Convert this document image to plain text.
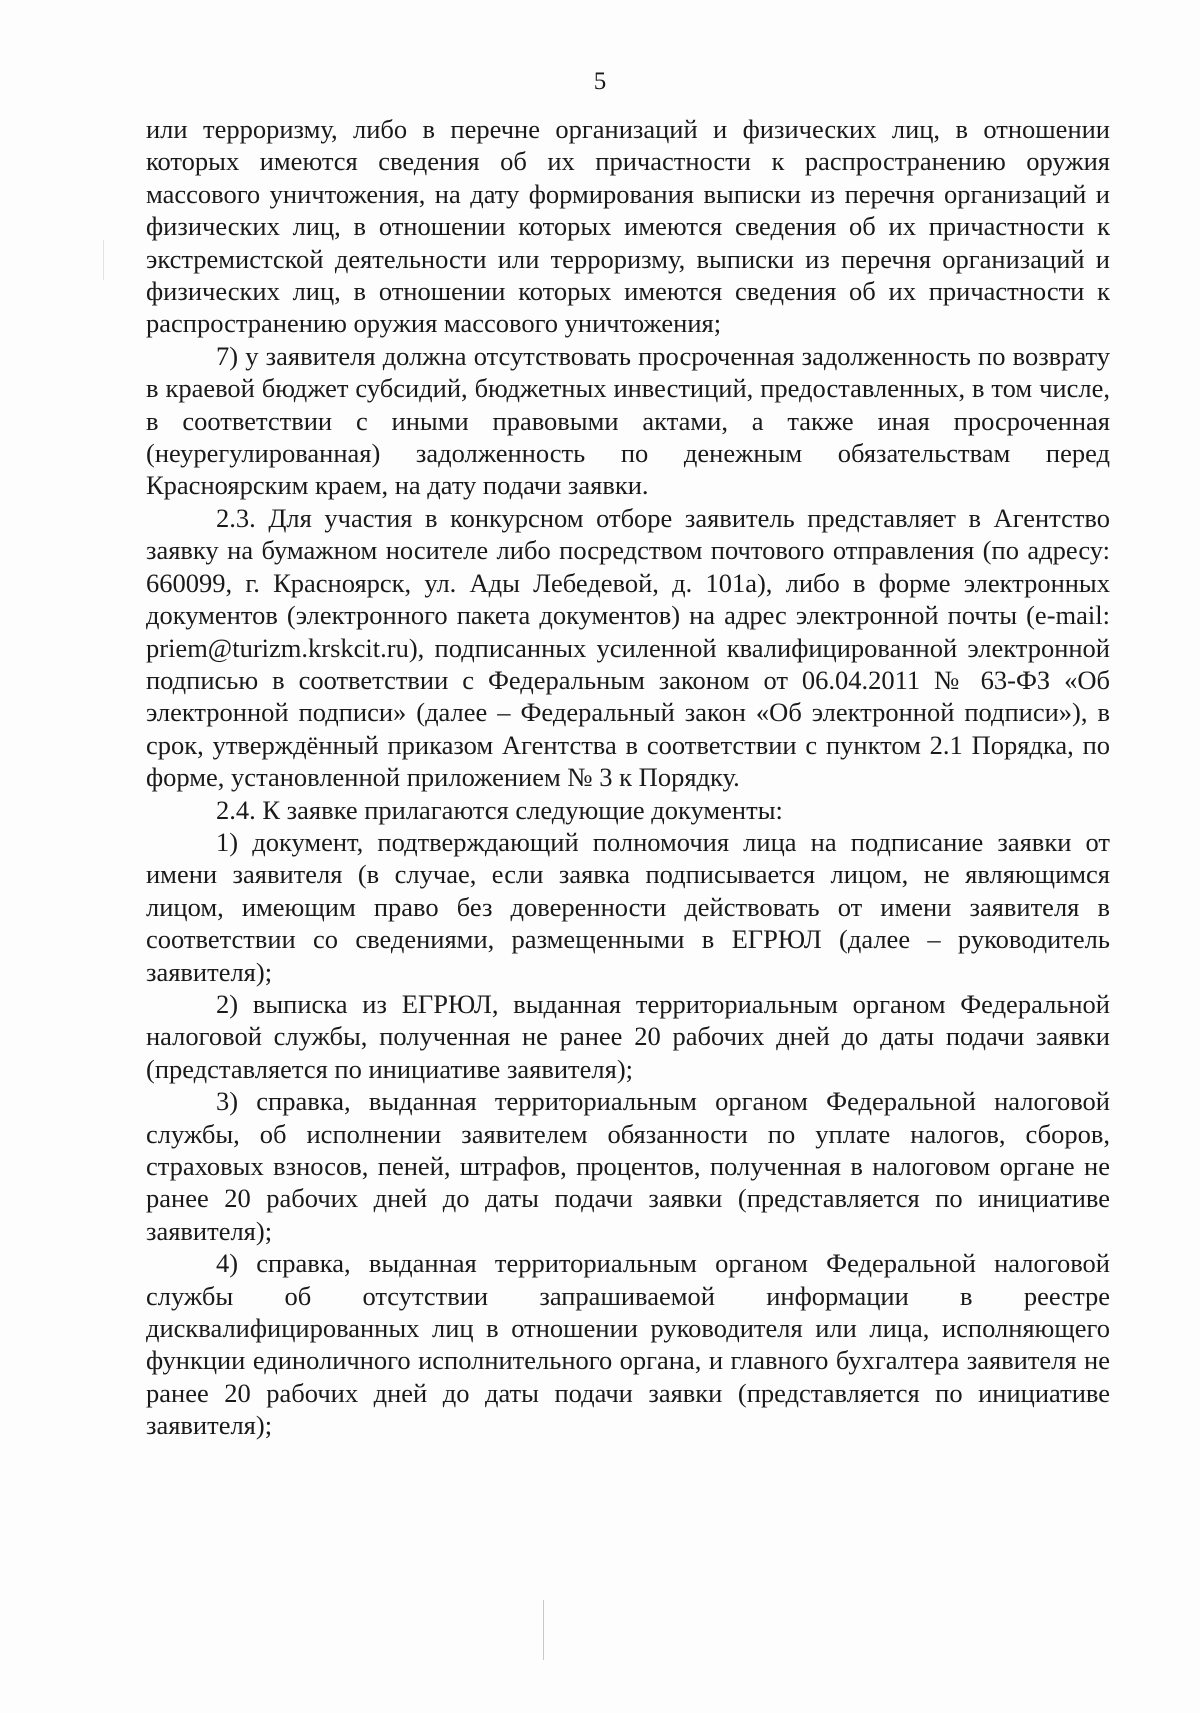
5

или терроризму, либо в перечне организаций и физических лиц, в отношении которых имеются сведения об их причастности к распространению оружия массового уничтожения, на дату формирования выписки из перечня организаций и физических лиц, в отношении которых имеются сведения об их причастности к экстремистской деятельности или терроризму, выписки из перечня организаций и физических лиц, в отношении которых имеются сведения об их причастности к распространению оружия массового уничтожения;

7) у заявителя должна отсутствовать просроченная задолженность по возврату в краевой бюджет субсидий, бюджетных инвестиций, предоставленных, в том числе, в соответствии с иными правовыми актами, а также иная просроченная (неурегулированная) задолженность по денежным обязательствам перед Красноярским краем, на дату подачи заявки.

2.3. Для участия в конкурсном отборе заявитель представляет в Агентство заявку на бумажном носителе либо посредством почтового отправления (по адресу: 660099, г. Красноярск, ул. Ады Лебедевой, д. 101а), либо в форме электронных документов (электронного пакета документов) на адрес электронной почты (e-mail: priem@turizm.krskcit.ru), подписанных усиленной квалифицированной электронной подписью в соответствии с Федеральным законом от 06.04.2011 № 63-ФЗ «Об электронной подписи» (далее – Федеральный закон «Об электронной подписи»), в срок, утверждённый приказом Агентства в соответствии с пунктом 2.1 Порядка, по форме, установленной приложением № 3 к Порядку.

2.4. К заявке прилагаются следующие документы:

1) документ, подтверждающий полномочия лица на подписание заявки от имени заявителя (в случае, если заявка подписывается лицом, не являющимся лицом, имеющим право без доверенности действовать от имени заявителя в соответствии со сведениями, размещенными в ЕГРЮЛ (далее – руководитель заявителя);

2) выписка из ЕГРЮЛ, выданная территориальным органом Федеральной налоговой службы, полученная не ранее 20 рабочих дней до даты подачи заявки (представляется по инициативе заявителя);

3) справка, выданная территориальным органом Федеральной налоговой службы, об исполнении заявителем обязанности по уплате налогов, сборов, страховых взносов, пеней, штрафов, процентов, полученная в налоговом органе не ранее 20 рабочих дней до даты подачи заявки (представляется по инициативе заявителя);

4) справка, выданная территориальным органом Федеральной налоговой службы об отсутствии запрашиваемой информации в реестре дисквалифицированных лиц в отношении руководителя или лица, исполняющего функции единоличного исполнительного органа, и главного бухгалтера заявителя не ранее 20 рабочих дней до даты подачи заявки (представляется по инициативе заявителя);
